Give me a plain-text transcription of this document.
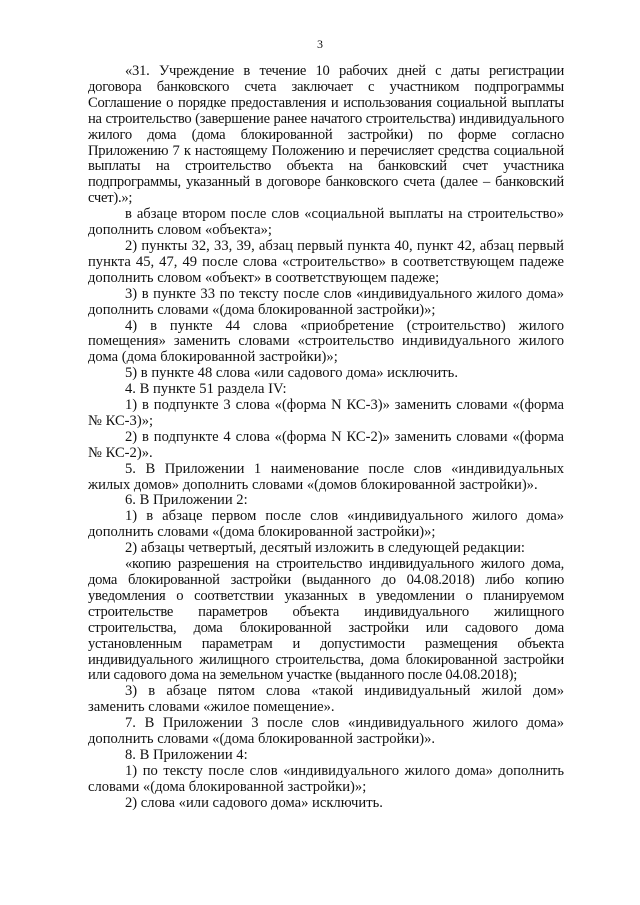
3

«31. Учреждение в течение 10 рабочих дней с даты регистрации договора банковского счета заключает с участником подпрограммы Соглашение о порядке предоставления и использования социальной выплаты на строительство (завершение ранее начатого строительства) индивидуального жилого дома (дома блокированной застройки) по форме согласно Приложению 7 к настоящему Положению и перечисляет средства социальной выплаты на строительство объекта на банковский счет участника подпрограммы, указанный в договоре банковского счета (далее – банковский счет).»;

в абзаце втором после слов «социальной выплаты на строительство» дополнить словом «объекта»;

2) пункты 32, 33, 39, абзац первый пункта 40, пункт 42, абзац первый пункта 45, 47, 49 после слова «строительство» в соответствующем падеже дополнить словом «объект» в соответствующем падеже;

3) в пункте 33 по тексту после слов «индивидуального жилого дома» дополнить словами «(дома блокированной застройки)»;

4) в пункте 44 слова «приобретение (строительство) жилого помещения» заменить словами «строительство индивидуального жилого дома (дома блокированной застройки)»;

5) в пункте 48 слова «или садового дома» исключить.

4. В пункте 51 раздела IV:

1) в подпункте 3 слова «(форма N КС-3)» заменить словами «(форма № КС-3)»;

2) в подпункте 4 слова «(форма N КС-2)» заменить словами «(форма № КС-2)».

5. В Приложении 1 наименование после слов «индивидуальных жилых домов» дополнить словами «(домов блокированной застройки)».

6. В Приложении 2:

1) в абзаце первом после слов «индивидуального жилого дома» дополнить словами «(дома блокированной застройки)»;

2) абзацы четвертый, десятый изложить в следующей редакции:

«копию разрешения на строительство индивидуального жилого дома, дома блокированной застройки (выданного до 04.08.2018) либо копию уведомления о соответствии указанных в уведомлении о планируемом строительстве параметров объекта индивидуального жилищного строительства, дома блокированной застройки или садового дома установленным параметрам и допустимости размещения объекта индивидуального жилищного строительства, дома блокированной застройки или садового дома на земельном участке (выданного после 04.08.2018);

3) в абзаце пятом слова «такой индивидуальный жилой дом» заменить словами «жилое помещение».

7. В Приложении 3 после слов «индивидуального жилого дома» дополнить словами «(дома блокированной застройки)».

8. В Приложении 4:

1) по тексту после слов «индивидуального жилого дома» дополнить словами «(дома блокированной застройки)»;

2) слова «или садового дома» исключить.
